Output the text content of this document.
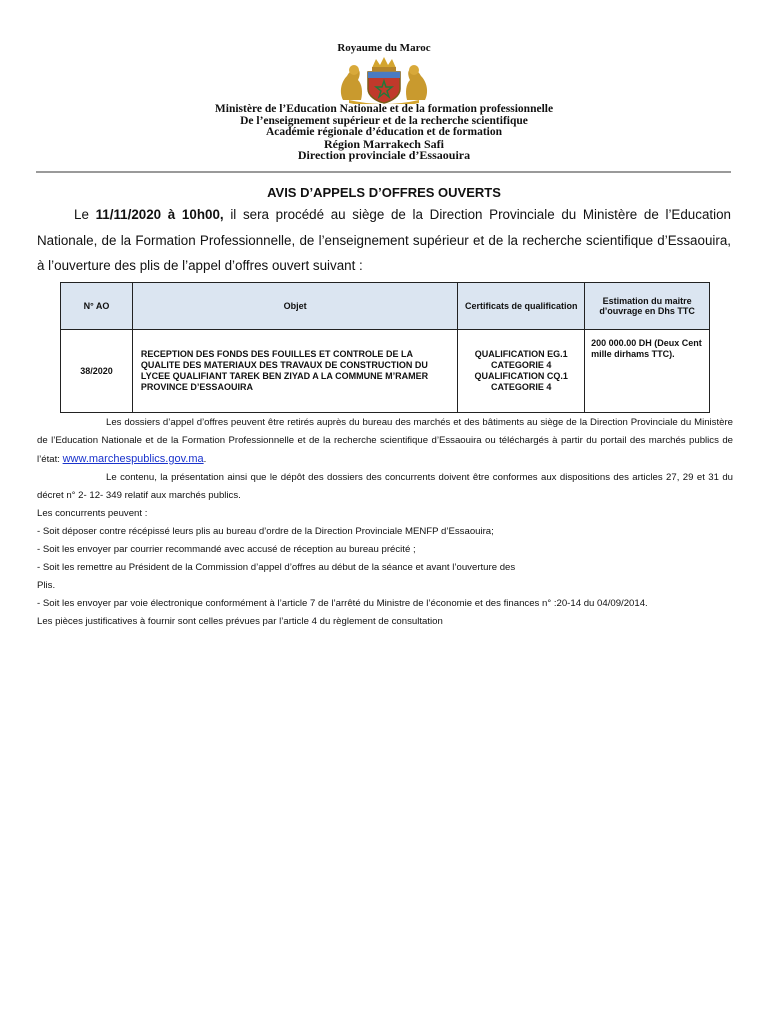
Royaume du Maroc
Ministère de l’Education Nationale et de la formation professionnelle
De l’enseignement supérieur et de la recherche scientifique
Académie régionale d’éducation et de formation
Région Marrakech Safi
Direction provinciale d’Essaouira
AVIS D’APPELS D’OFFRES OUVERTS
Le 11/11/2020 à 10h00, il sera procédé au siège de la Direction Provinciale du Ministère de l’Education Nationale, de la Formation Professionnelle, de l’enseignement supérieur et de la recherche scientifique d’Essaouira, à l’ouverture des plis de l’appel d’offres ouvert suivant :
N° AO	Objet	Certificats de qualification	Estimation du maitre d’ouvrage en Dhs TTC
38/2020	RECEPTION DES FONDS DES FOUILLES ET CONTROLE DE LA QUALITE DES MATERIAUX DES TRAVAUX DE CONSTRUCTION DU LYCEE QUALIFIANT TAREK BEN ZIYAD A LA COMMUNE M’RAMER PROVINCE D’ESSAOUIRA	QUALIFICATION EG.1
CATEGORIE 4
QUALIFICATION CQ.1
CATEGORIE 4	200 000.00 DH (Deux Cent mille dirhams TTC).

Les dossiers d’appel d’offres peuvent être retirés auprès du bureau des marchés et des bâtiments au siège de la Direction Provinciale du Ministère de l’Education Nationale et de la Formation Professionnelle et de la recherche scientifique d’Essaouira ou téléchargés à partir du portail des marchés publics de l’état: www.marchespublics.gov.ma.

Le contenu, la présentation ainsi que le dépôt des dossiers des concurrents doivent être conformes aux dispositions des articles 27, 29 et 31 du décret n° 2- 12- 349 relatif aux marchés publics.

Les concurrents peuvent :

- Soit déposer contre récépissé leurs plis au bureau d’ordre de la Direction Provinciale MENFP d’Essaouira;

- Soit les envoyer par courrier recommandé avec accusé de réception au bureau précité ;

- Soit les remettre au Président de la Commission d’appel d’offres au début de la séance et avant l’ouverture des

Plis.

- Soit les envoyer par voie électronique conformément à l’article 7 de l’arrêté du Ministre de l’économie et des finances n° :20-14 du 04/09/2014.

Les pièces justificatives à fournir sont celles prévues par l’article 4 du règlement de consultation
